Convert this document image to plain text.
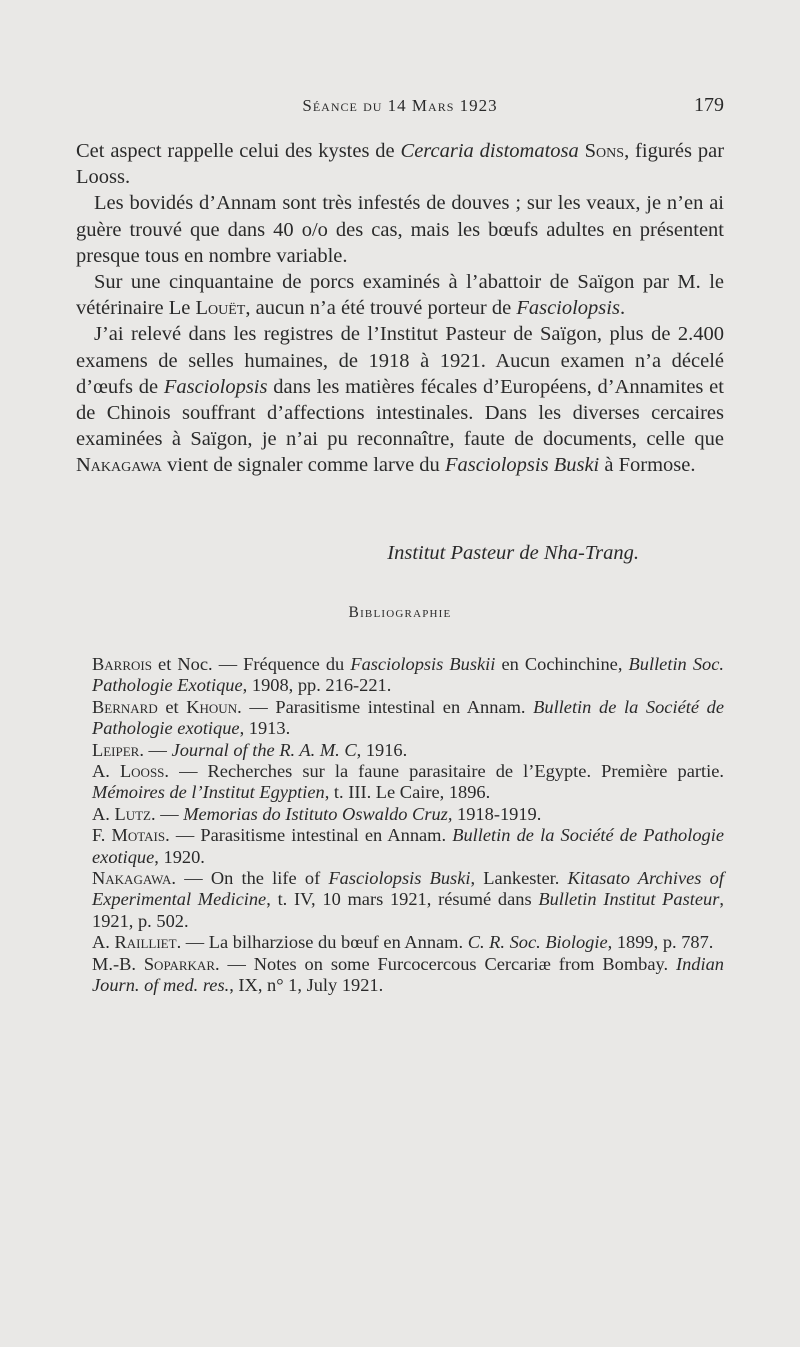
Séance du 14 Mars 1923	179

Cet aspect rappelle celui des kystes de Cercaria distomatosa Sons, figurés par Looss.

Les bovidés d’Annam sont très infestés de douves ; sur les veaux, je n’en ai guère trouvé que dans 40 o/o des cas, mais les bœufs adultes en présentent presque tous en nombre variable.

Sur une cinquantaine de porcs examinés à l’abattoir de Saïgon par M. le vétérinaire Le Louët, aucun n’a été trouvé porteur de Fasciolopsis.

J’ai relevé dans les registres de l’Institut Pasteur de Saïgon, plus de 2.400 examens de selles humaines, de 1918 à 1921. Aucun examen n’a décelé d’œufs de Fasciolopsis dans les matières fécales d’Européens, d’Annamites et de Chinois souffrant d’affections intestinales. Dans les diverses cercaires examinées à Saïgon, je n’ai pu reconnaître, faute de documents, celle que Nakagawa vient de signaler comme larve du Fasciolopsis Buski à Formose.

Institut Pasteur de Nha-Trang.
Bibliographie

Barrois et Noc. — Fréquence du Fasciolopsis Buskii en Cochinchine, Bulletin Soc. Pathologie Exotique, 1908, pp. 216-221.

Bernard et Khoun. — Parasitisme intestinal en Annam. Bulletin de la Société de Pathologie exotique, 1913.

Leiper. — Journal of the R. A. M. C, 1916.

A. Looss. — Recherches sur la faune parasitaire de l’Egypte. Première partie. Mémoires de l’Institut Egyptien, t. III. Le Caire, 1896.

A. Lutz. — Memorias do Istituto Oswaldo Cruz, 1918-1919.

F. Motais. — Parasitisme intestinal en Annam. Bulletin de la Société de Pathologie exotique, 1920.

Nakagawa. — On the life of Fasciolopsis Buski, Lankester. Kitasato Archives of Experimental Medicine, t. IV, 10 mars 1921, résumé dans Bulletin Institut Pasteur, 1921, p. 502.

A. Railliet. — La bilharziose du bœuf en Annam. C. R. Soc. Biologie, 1899, p. 787.

M.-B. Soparkar. — Notes on some Furcocercous Cercariæ from Bombay. Indian Journ. of med. res., IX, n° 1, July 1921.
